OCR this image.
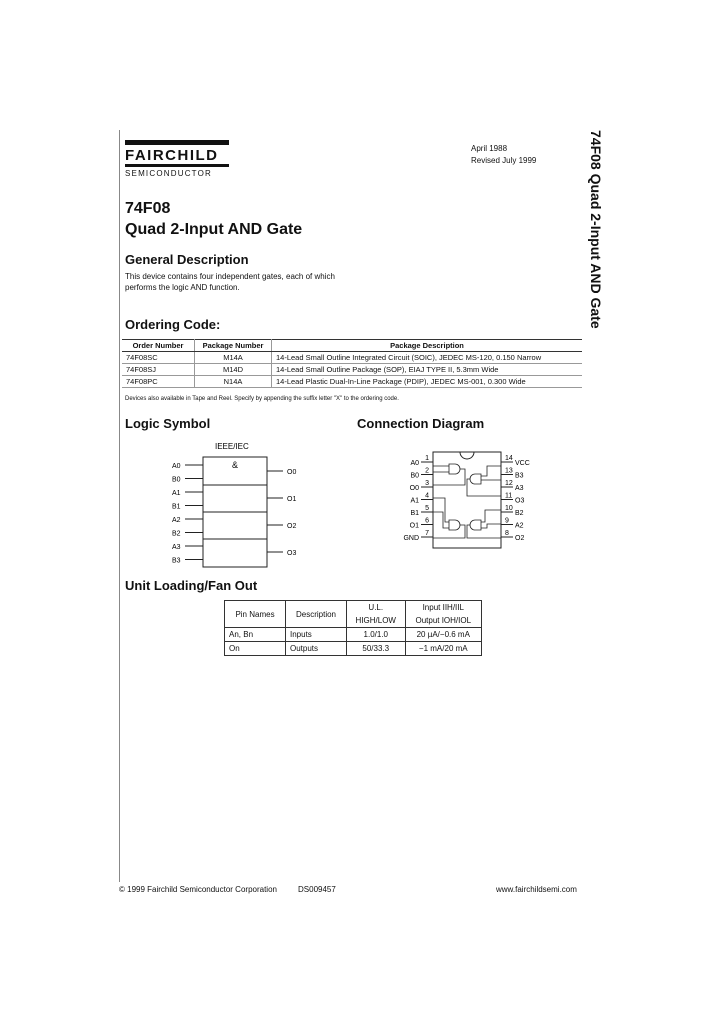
FAIRCHILD
SEMICONDUCTOR
April 1988
Revised July 1999	74F08 Quad 2-Input AND Gate
74F08
Quad 2-Input AND Gate
General Description
This device contains four independent gates, each of which
performs the logic AND function.
Ordering Code:
Order Number	Package Number	Package Description
74F08SC	M14A	14-Lead Small Outline Integrated Circuit (SOIC), JEDEC MS-120, 0.150 Narrow
74F08SJ	M14D	14-Lead Small Outline Package (SOP), EIAJ TYPE II, 5.3mm Wide
74F08PC	N14A	14-Lead Plastic Dual-In-Line Package (PDIP), JEDEC MS-001, 0.300 Wide
Devices also available in Tape and Reel. Specify by appending the suffix letter "X" to the ordering code.
Logic Symbol
IEEE/IEC
&
A0
B0
A1
B1
A2
B2
A3
B3
O0
O1
O2
O3
Connection Diagram
1
A0
2
B0
3
O0
4
A1
5
B1
6
O1
7
GND
14
VCC
13
B3
12
A3
11
O3
10
B2
9
A2
8
O2
Unit Loading/Fan Out
Pin Names	Description	U.L.	Input IIH/IIL
		HIGH/LOW	Output IOH/IOL
An, Bn	Inputs	1.0/1.0	20 µA/−0.6 mA
On	Outputs	50/33.3	−1 mA/20 mA
© 1999 Fairchild Semiconductor Corporation	DS009457	www.fairchildsemi.com
